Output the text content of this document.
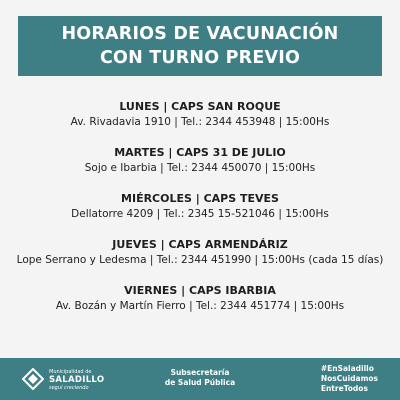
HORARIOS DE VACUNACIÓN
CON TURNO PREVIO
LUNES | CAPS SAN ROQUE
Av. Rivadavia 1910 | Tel.: 2344 453948 | 15:00Hs
MARTES | CAPS 31 DE JULIO
Sojo e Ibarbia | Tel.: 2344 450070 | 15:00Hs
MIÉRCOLES | CAPS TEVES
Dellatorre 4209 | Tel.: 2345 15-521046 | 15:00Hs
JUEVES | CAPS ARMENDÁRIZ
Lope Serrano y Ledesma | Tel.: 2344 451990 | 15:00Hs (cada 15 días)
VIERNES | CAPS IBARBIA
Av. Bozán y Martín Fierro | Tel.: 2344 451774 | 15:00Hs
Municipalidad de
SALADILLO
seguí creciendo
Subsecretaría
de Salud Pública
#EnSaladillo
NosCuidamos
EntreTodos
